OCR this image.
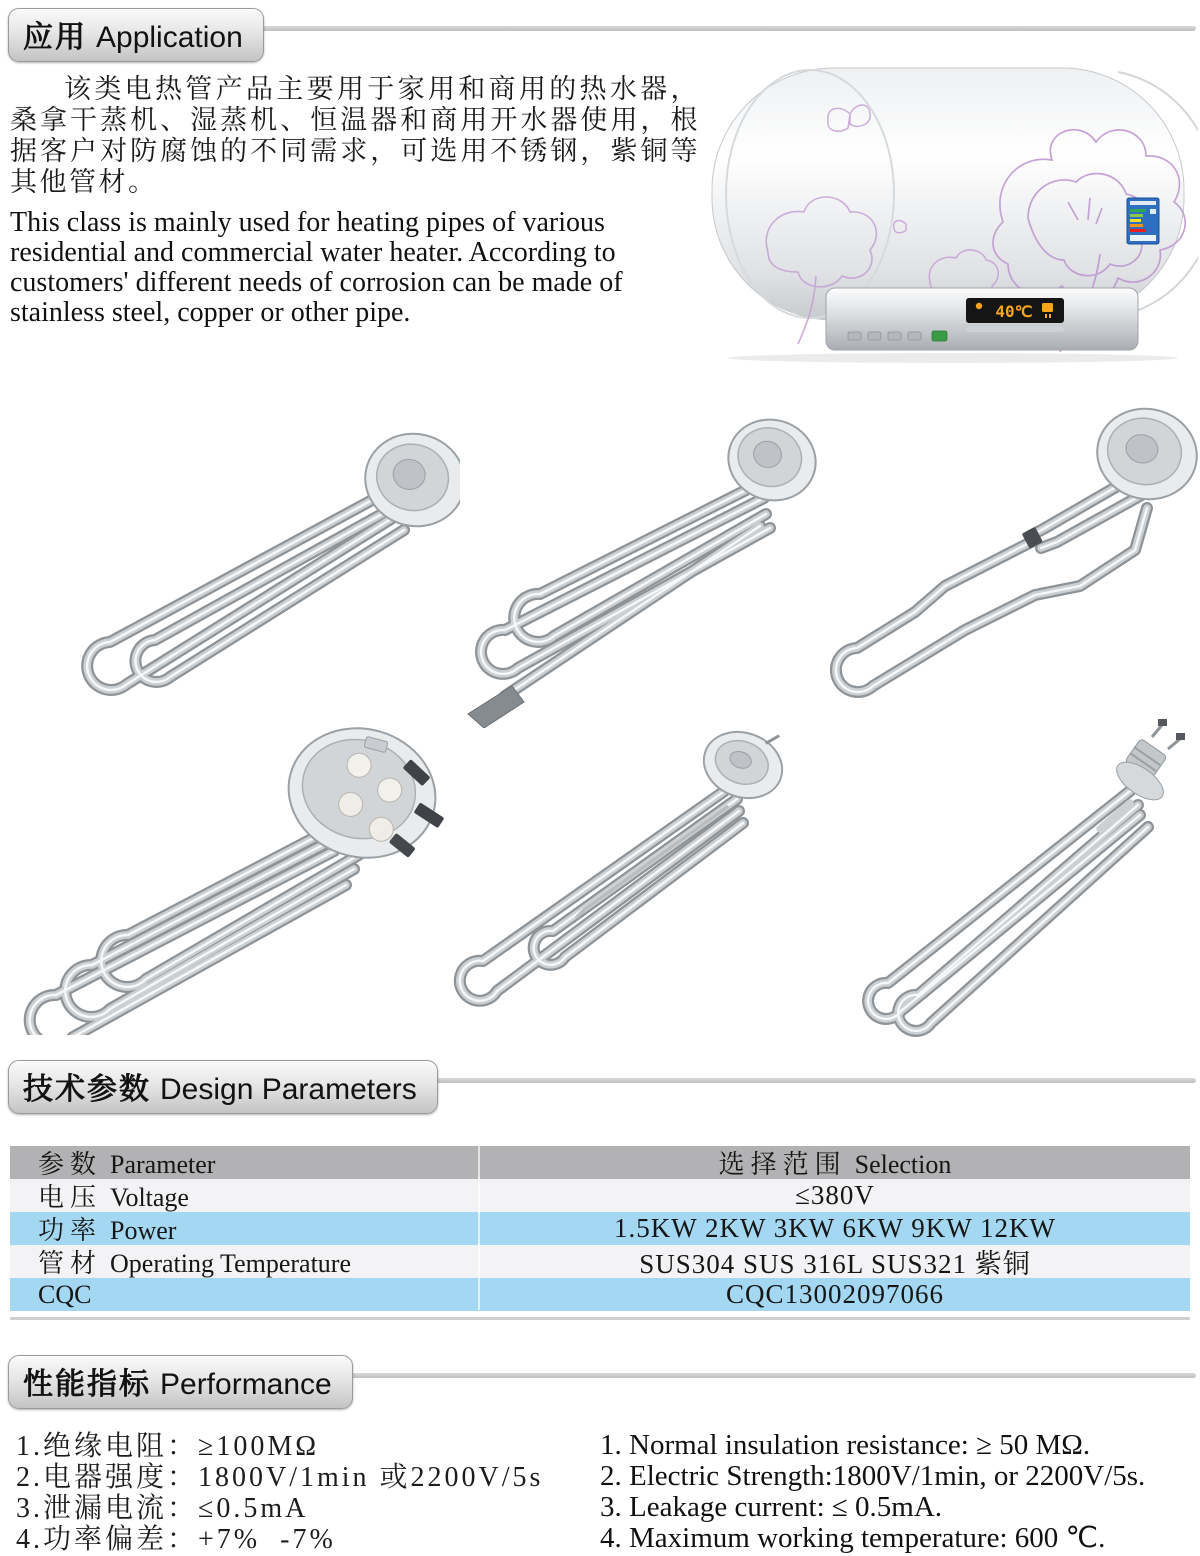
应用 Application

该类电热管产品主要用于家用和商用的热水器，桑拿干蒸机、湿蒸机、恒温器和商用开水器使用，根据客户对防腐蚀的不同需求，可选用不锈钢，紫铜等其他管材。

This class is mainly used for heating pipes of various residential and commercial water heater. According to customers' different needs of corrosion can be made of stainless steel, copper or other pipe.	40℃
技术参数 Design Parameters
参数 Parameter	选择范围 Selection
电压 Voltage	≤380V
功率 Power	1.5KW 2KW 3KW 6KW 9KW 12KW
管材 Operating Temperature	SUS304 SUS 316L SUS321 紫铜
CQC	CQC13002097066
性能指标 Performance
1.绝缘电阻：≥100MΩ
2.电器强度：1800V/1min 或2200V/5s
3.泄漏电流：≤0.5mA
4.功率偏差：+7%  -7%
1. Normal insulation resistance: ≥ 50 MΩ.
2. Electric Strength:1800V/1min, or 2200V/5s.
3. Leakage current: ≤ 0.5mA.
4. Maximum working temperature: 600 ℃.
